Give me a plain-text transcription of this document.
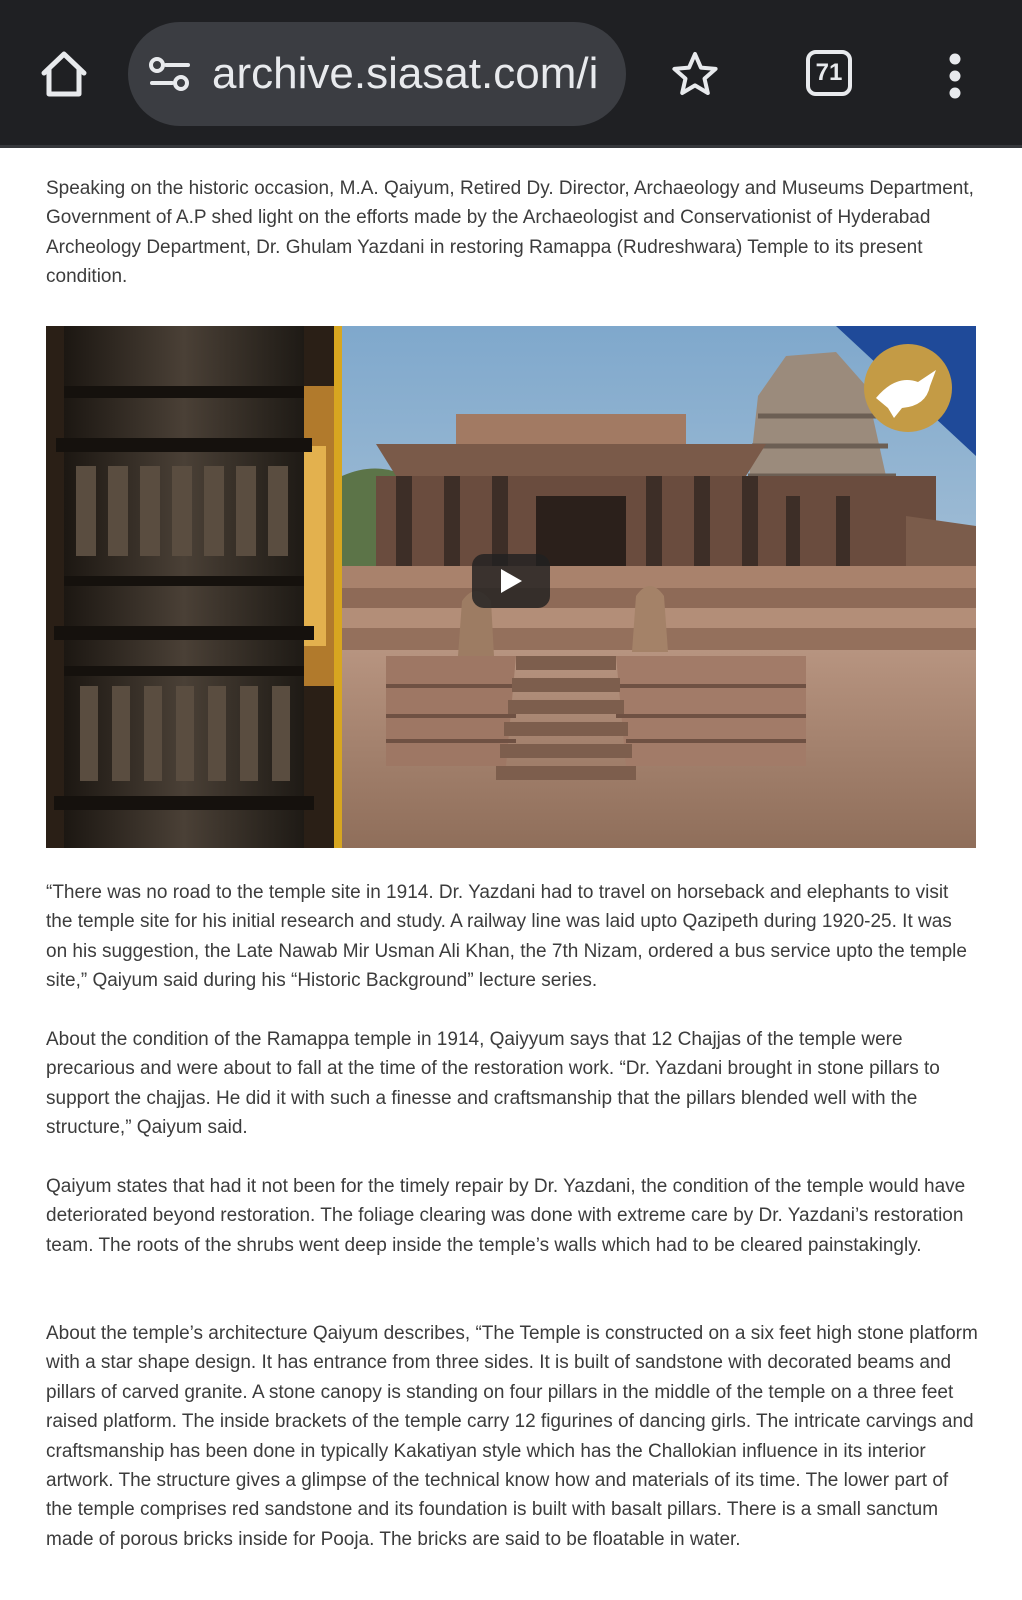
archive.siasat.com/i	71

Speaking on the historic occasion, M.A. Qaiyum, Retired Dy. Director, Archaeology and Museums Department, Government of A.P shed light on the efforts made by the Archaeologist and Conservationist of Hyderabad Archeology Department, Dr. Ghulam Yazdani in restoring Ramappa (Rudreshwara) Temple to its present condition.

“There was no road to the temple site in 1914. Dr. Yazdani had to travel on horseback and elephants to visit the temple site for his initial research and study. A railway line was laid upto Qazipeth during 1920-25. It was on his suggestion, the Late Nawab Mir Usman Ali Khan, the 7th Nizam, ordered a bus service upto the temple site,” Qaiyum said during his “Historic Background” lecture series.

About the condition of the Ramappa temple in 1914, Qaiyyum says that 12 Chajjas of the temple were precarious and were about to fall at the time of the restoration work. “Dr. Yazdani brought in stone pillars to support the chajjas. He did it with such a finesse and craftsmanship that the pillars blended well with the structure,” Qaiyum said.

Qaiyum states that had it not been for the timely repair by Dr. Yazdani, the condition of the temple would have deteriorated beyond restoration. The foliage clearing was done with extreme care by Dr. Yazdani’s restoration team. The roots of the shrubs went deep inside the temple’s walls which had to be cleared painstakingly.

About the temple’s architecture Qaiyum describes, “The Temple is constructed on a six feet high stone platform with a star shape design. It has entrance from three sides. It is built of sandstone with decorated beams and pillars of carved granite. A stone canopy is standing on four pillars in the middle of the temple on a three feet raised platform. The inside brackets of the temple carry 12 figurines of dancing girls. The intricate carvings and craftsmanship has been done in typically Kakatiyan style which has the Challokian influence in its interior artwork. The structure gives a glimpse of the technical know how and materials of its time. The lower part of the temple comprises red sandstone and its foundation is built with basalt pillars. There is a small sanctum made of porous bricks inside for Pooja. The bricks are said to be floatable in water.
